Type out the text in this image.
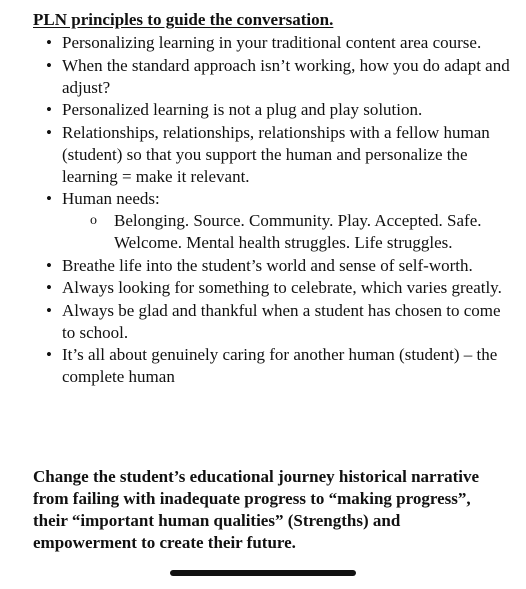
PLN principles to guide the conversation.
• Personalizing learning in your traditional content area course.
• When the standard approach isn’t working, how you do adapt and adjust?
• Personalized learning is not a plug and play solution.
• Relationships, relationships, relationships with a fellow human (student) so that you support the human and personalize the learning = make it relevant.
• Human needs:
o Belonging. Source. Community. Play. Accepted. Safe. Welcome. Mental health struggles. Life struggles.
• Breathe life into the student’s world and sense of self-worth.
• Always looking for something to celebrate, which varies greatly.
• Always be glad and thankful when a student has chosen to come to school.
• It’s all about genuinely caring for another human (student) – the complete human
Change the student’s educational journey historical narrative from failing with inadequate progress to “making progress”, their “important human qualities” (Strengths) and empowerment to create their future.
